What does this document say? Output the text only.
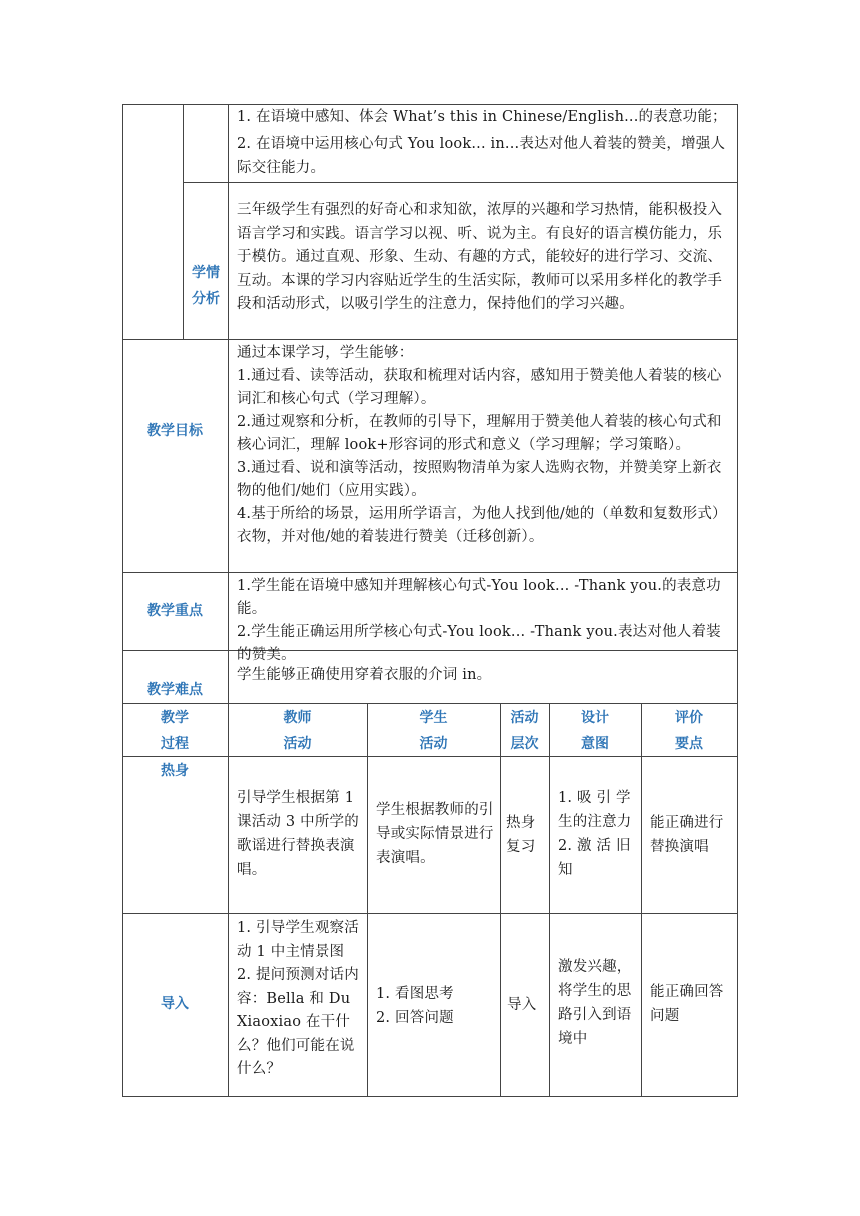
1. 在语境中感知、体会 What’s this in Chinese/English...的表意功能；
2. 在语境中运用核心句式 You look... in...表达对他人着装的赞美，增强人际交往能力。
学情
分析
三年级学生有强烈的好奇心和求知欲，浓厚的兴趣和学习热情，能积极投入语言学习和实践。语言学习以视、听、说为主。有良好的语言模仿能力，乐于模仿。通过直观、形象、生动、有趣的方式，能较好的进行学习、交流、互动。本课的学习内容贴近学生的生活实际，教师可以采用多样化的教学手段和活动形式，以吸引学生的注意力，保持他们的学习兴趣。
教学目标
通过本课学习，学生能够：
1.通过看、读等活动，获取和梳理对话内容，感知用于赞美他人着装的核心词汇和核心句式（学习理解）。
2.通过观察和分析，在教师的引导下，理解用于赞美他人着装的核心句式和核心词汇，理解 look+形容词的形式和意义（学习理解；学习策略）。
3.通过看、说和演等活动，按照购物清单为家人选购衣物，并赞美穿上新衣物的他们/她们（应用实践）。
4.基于所给的场景，运用所学语言，为他人找到他/她的（单数和复数形式）衣物，并对他/她的着装进行赞美（迁移创新）。
教学重点
1.学生能在语境中感知并理解核心句式-You look... -Thank you.的表意功能。
2.学生能正确运用所学核心句式-You look... -Thank you.表达对他人着装的赞美。
教学难点
学生能够正确使用穿着衣服的介词 in。
教学
过程
教师
活动
学生
活动
活动
层次
设计
意图
评价
要点
热身
引导学生根据第 1 课活动 3 中所学的歌谣进行替换表演唱。
学生根据教师的引导或实际情景进行表演唱。
热身复习
1. 吸 引 学 生的注意力 2. 激 活 旧 知
能正确进行替换演唱
导入
1. 引导学生观察活动 1 中主情景图 2. 提问预测对话内容：Bella 和 Du Xiaoxiao 在干什么？他们可能在说什么？
1. 看图思考
2. 回答问题
导入
激发兴趣，将学生的思路引入到语境中
能正确回答问题
